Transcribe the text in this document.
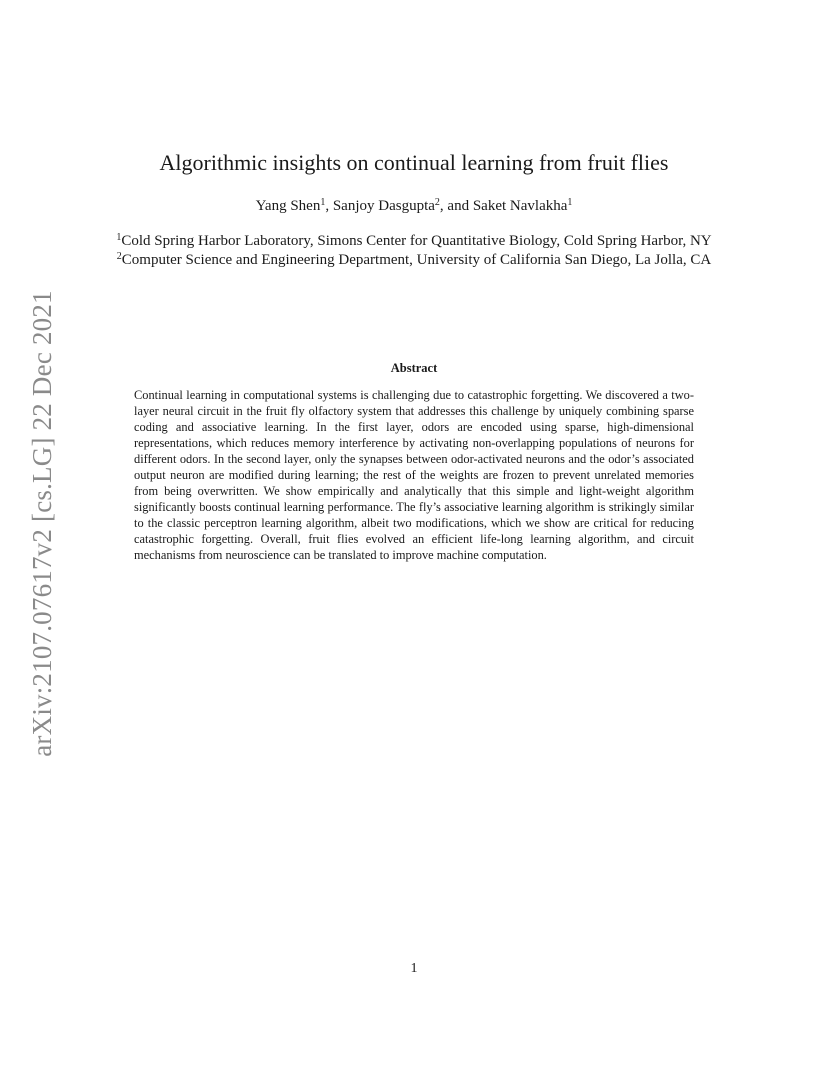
arXiv:2107.07617v2 [cs.LG] 22 Dec 2021
Algorithmic insights on continual learning from fruit flies
Yang Shen$^1$, Sanjoy Dasgupta$^2$, and Saket Navlakha$^1$

$^1$Cold Spring Harbor Laboratory, Simons Center for Quantitative Biology, Cold Spring Harbor, NY

$^2$Computer Science and Engineering Department, University of California San Diego, La Jolla, CA

Abstract
Continual learning in computational systems is challenging due to catastrophic forgetting. We discovered a two-layer neural circuit in the fruit fly olfactory system that addresses this challenge by uniquely combining sparse coding and associative learning. In the first layer, odors are encoded using sparse, high-dimensional representations, which reduces memory interference by activating non-overlapping populations of neurons for different odors. In the second layer, only the synapses between odor-activated neurons and the odor’s associated output neuron are modified during learning; the rest of the weights are frozen to prevent unrelated memories from being overwritten. We show empirically and analytically that this simple and light-weight algorithm significantly boosts continual learning performance. The fly’s associative learning algorithm is strikingly similar to the classic perceptron learning algorithm, albeit two modifications, which we show are critical for reducing catastrophic forgetting. Overall, fruit flies evolved an efficient life-long learning algorithm, and circuit mechanisms from neuroscience can be translated to improve machine computation.
1
